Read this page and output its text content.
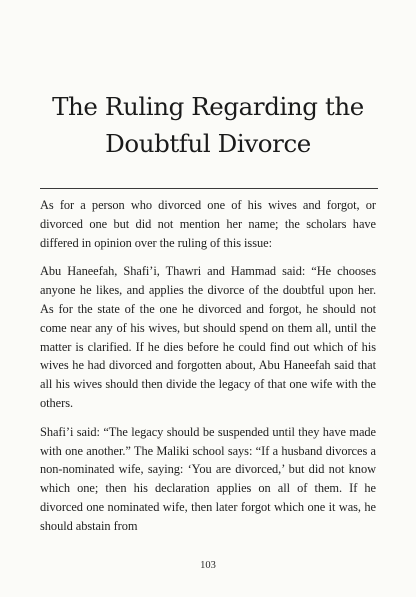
The Ruling Regarding the
Doubtful Divorce

As for a person who divorced one of his wives and forgot, or divorced one but did not mention her name; the scholars have differed in opinion over the ruling of this issue:

Abu Haneefah, Shafi’i, Thawri and Hammad said: “He chooses anyone he likes, and applies the divorce of the doubtful upon her. As for the state of the one he divorced and forgot, he should not come near any of his wives, but should spend on them all, until the matter is clarified. If he dies before he could find out which of his wives he had divorced and forgotten about, Abu Haneefah said that all his wives should then divide the legacy of that one wife with the others.

Shafi’i said: “The legacy should be suspended until they have made with one another.” The Maliki school says: “If a husband divorces a non-nominated wife, saying: ‘You are divorced,’ but did not know which one; then his declaration applies on all of them. If he divorced one nominated wife, then later forgot which one it was, he should abstain from

103
